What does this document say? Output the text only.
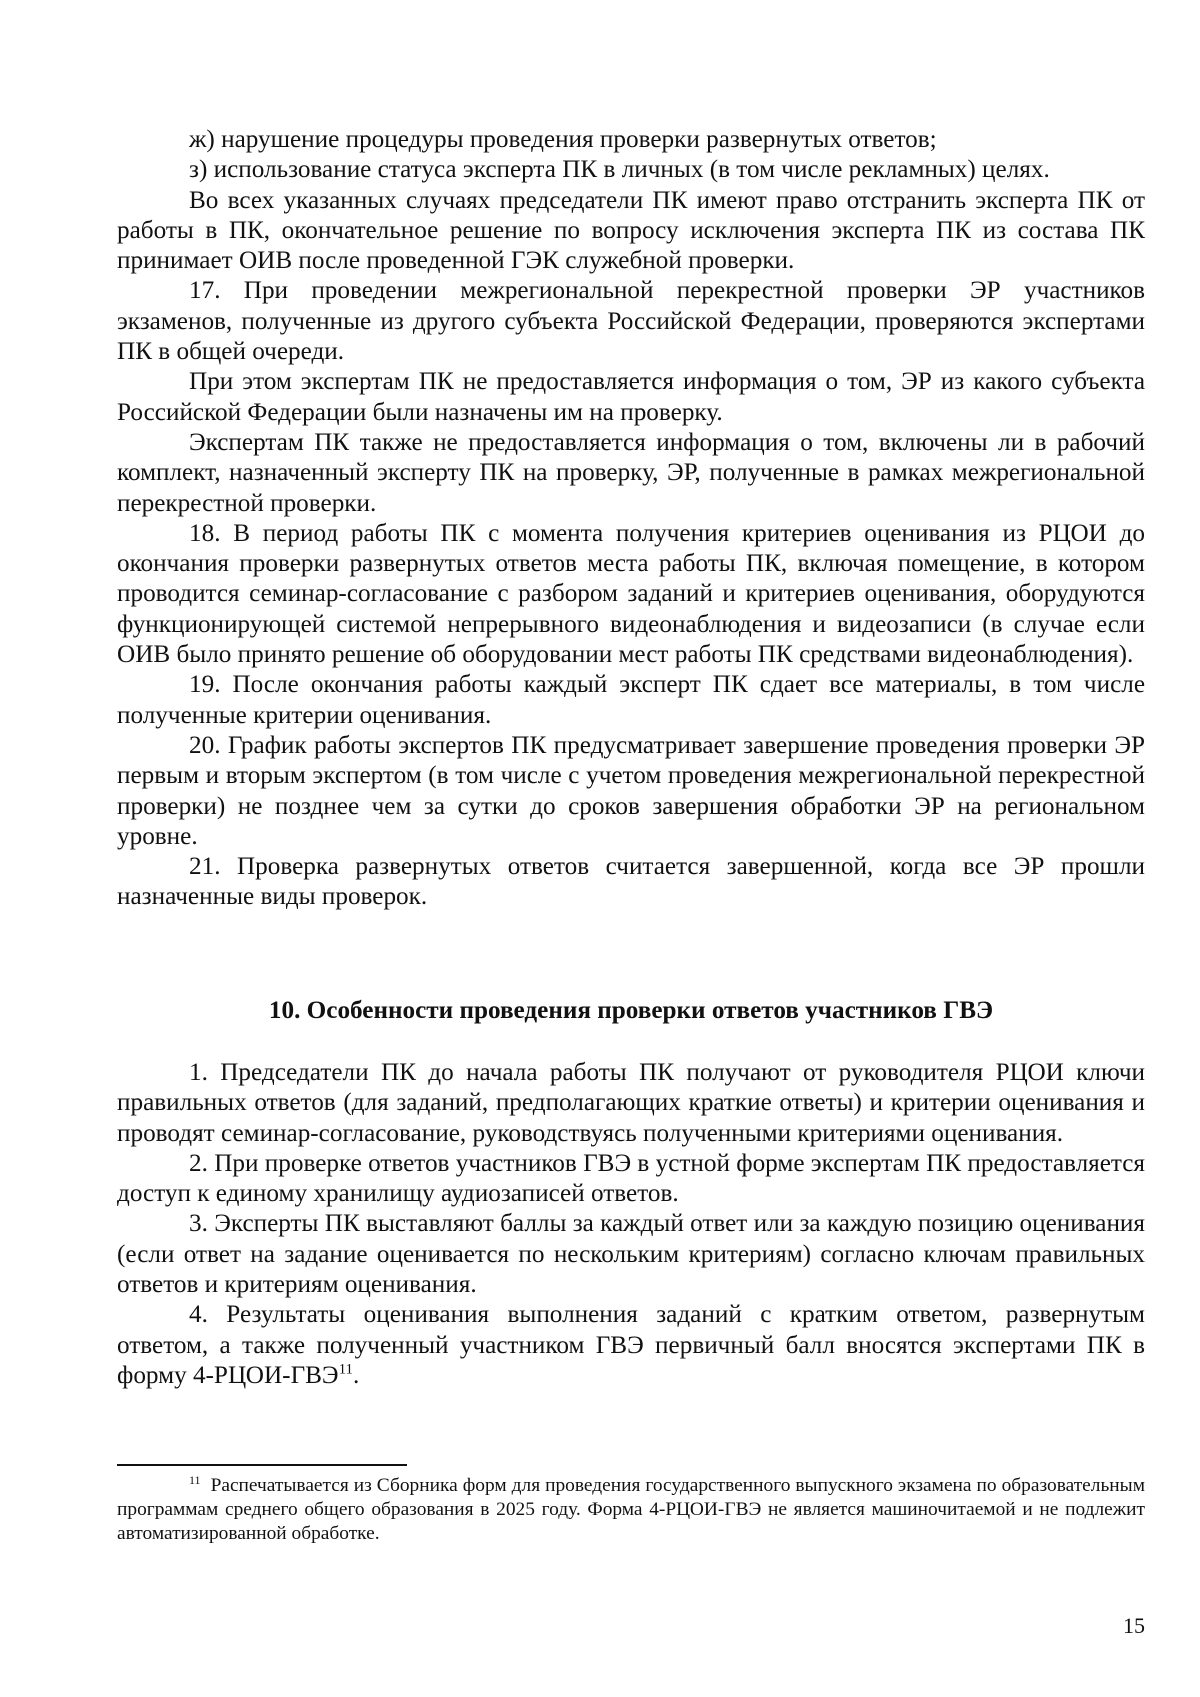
ж) нарушение процедуры проведения проверки развернутых ответов;

з) использование статуса эксперта ПК в личных (в том числе рекламных) целях.

Во всех указанных случаях председатели ПК имеют право отстранить эксперта ПК от работы в ПК, окончательное решение по вопросу исключения эксперта ПК из состава ПК принимает ОИВ после проведенной ГЭК служебной проверки.

17. При проведении межрегиональной перекрестной проверки ЭР участников экзаменов, полученные из другого субъекта Российской Федерации, проверяются экспертами ПК в общей очереди.

При этом экспертам ПК не предоставляется информация о том, ЭР из какого субъекта Российской Федерации были назначены им на проверку.

Экспертам ПК также не предоставляется информация о том, включены ли в рабочий комплект, назначенный эксперту ПК на проверку, ЭР, полученные в рамках межрегиональной перекрестной проверки.

18. В период работы ПК с момента получения критериев оценивания из РЦОИ до окончания проверки развернутых ответов места работы ПК, включая помещение, в котором проводится семинар-согласование с разбором заданий и критериев оценивания, оборудуются функционирующей системой непрерывного видеонаблюдения и видеозаписи (в случае если ОИВ было принято решение об оборудовании мест работы ПК средствами видеонаблюдения).

19. После окончания работы каждый эксперт ПК сдает все материалы, в том числе полученные критерии оценивания.

20. График работы экспертов ПК предусматривает завершение проведения проверки ЭР первым и вторым экспертом (в том числе с учетом проведения межрегиональной перекрестной проверки) не позднее чем за сутки до сроков завершения обработки ЭР на региональном уровне.

21. Проверка развернутых ответов считается завершенной, когда все ЭР прошли назначенные виды проверок.

10. Особенности проведения проверки ответов участников ГВЭ

1. Председатели ПК до начала работы ПК получают от руководителя РЦОИ ключи правильных ответов (для заданий, предполагающих краткие ответы) и критерии оценивания и проводят семинар-согласование, руководствуясь полученными критериями оценивания.

2. При проверке ответов участников ГВЭ в устной форме экспертам ПК предоставляется доступ к единому хранилищу аудиозаписей ответов.

3. Эксперты ПК выставляют баллы за каждый ответ или за каждую позицию оценивания (если ответ на задание оценивается по нескольким критериям) согласно ключам правильных ответов и критериям оценивания.

4. Результаты оценивания выполнения заданий с кратким ответом, развернутым ответом, а также полученный участником ГВЭ первичный балл вносятся экспертами ПК в форму 4-РЦОИ-ГВЭ$^{11}$.

$^{11}$ Распечатывается из Сборника форм для проведения государственного выпускного экзамена по образовательным программам среднего общего образования в 2025 году. Форма 4-РЦОИ-ГВЭ не является машиночитаемой и не подлежит автоматизированной обработке.
15
